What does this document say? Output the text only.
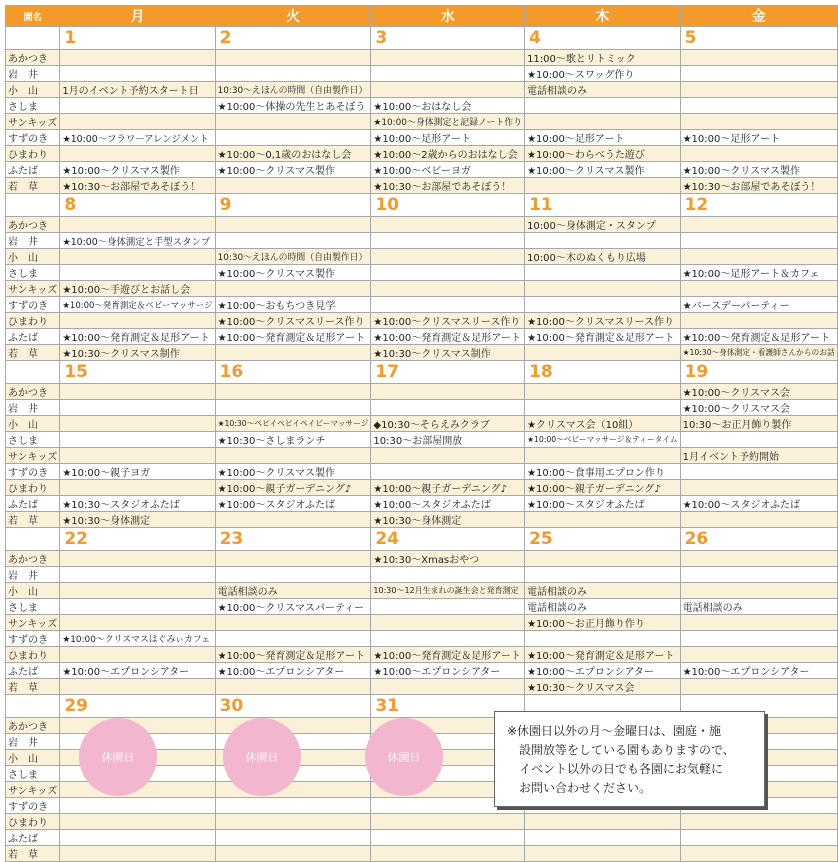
園名	月	火	水	木	金
	1	2	3	4	5
あかつき				11:00～歌とリトミック	
岩　井				★10:00～スワッグ作り	
小　山	1月のイベント予約スタート日	10:30～えほんの時間（自由製作日）		電話相談のみ	
さしま		★10:00～体操の先生とあそぼう	★10:00～おはなし会		
サンキッズ			★10:00～身体測定と記録ノート作り		
すずのき	★10:00～フラワーアレンジメント		★10:00～足形アート	★10:00～足形アート	★10:00～足形アート
ひまわり		★10:00～0,1歳のおはなし会	★10:00～2歳からのおはなし会	★10:00～わらべうた遊び	
ふたば	★10:00～クリスマス製作	★10:00～クリスマス製作	★10:00～ベビーヨガ	★10:00～クリスマス製作	★10:00～クリスマス製作
若　草	★10:30～お部屋であそぼう！		★10:30～お部屋であそぼう！		★10:30～お部屋であそぼう！
	8	9	10	11	12
あかつき				10:00～身体測定・スタンプ	
岩　井	★10:00～身体測定と手型スタンプ				
小　山		10:30～えほんの時間（自由製作日）		10:00～木のぬくもり広場	
さしま		★10:00～クリスマス製作			★10:00～足形アート＆カフェ
サンキッズ	★10:00～手遊びとお話し会				
すずのき	★10:00～発育測定＆ベビーマッサージ	★10:00～おもちつき見学			★バースデーパーティー
ひまわり		★10:00～クリスマスリース作り	★10:00～クリスマスリース作り	★10:00～クリスマスリース作り	
ふたば	★10:00～発育測定＆足形アート	★10:00～発育測定＆足形アート	★10:00～発育測定＆足形アート	★10:00～発育測定＆足形アート	★10:00～発育測定＆足形アート
若　草	★10:30～クリスマス制作		★10:30～クリスマス制作		★10:30～身体測定・看護師さんからのお話
	15	16	17	18	19
あかつき					★10:00～クリスマス会
岩　井					★10:00～クリスマス会
小　山		★10:30～ペピイペピイペイビーマッサージ	◆10:30～そらえみクラブ	★クリスマス会（10組）	10:30～お正月飾り製作
さしま		★10:30～さしまランチ	10:30～お部屋開放	★10:00～ベビーマッサージ＆ティータイム	
サンキッズ					1月イベント予約開始
すずのき	★10:00～親子ヨガ	★10:00～クリスマス製作		★10:00～食事用エプロン作り	
ひまわり		★10:00～親子ガーデニング♪	★10:00～親子ガーデニング♪	★10:00～親子ガーデニング♪	
ふたば	★10:30～スタジオふたば	★10:00～スタジオふたば	★10:00～スタジオふたば	★10:00～スタジオふたば	★10:00～スタジオふたば
若　草	★10:30～身体測定		★10:30～身体測定		
	22	23	24	25	26
あかつき			★10:30～Xmasおやつ		
岩　井					
小　山		電話相談のみ	10:30～12月生まれの誕生会と発育測定	電話相談のみ	
さしま		★10:00～クリスマスパーティー		電話相談のみ	電話相談のみ
サンキッズ				★10:00～お正月飾り作り	
すずのき	★10:00～クリスマスはぐみぃカフェ				
ひまわり		★10:00～発育測定＆足形アート	★10:00～発育測定＆足形アート	★10:00～発育測定＆足形アート	
ふたば	★10:00～エプロンシアター	★10:00～エプロンシアター	★10:00～エプロンシアター	★10:00～エプロンシアター	★10:00～エプロンシアター
若　草				★10:30～クリスマス会	
	29	30	31		
あかつき					
岩　井					
小　山					
さしま					
サンキッズ					
すずのき					
ひまわり					
ふたば					
若　草					
休園日	休園日	休園日
※休園日以外の月～金曜日は、園庭・施
設開放等をしている園もありますので、
イベント以外の日でも各園にお気軽に
お問い合わせください。
